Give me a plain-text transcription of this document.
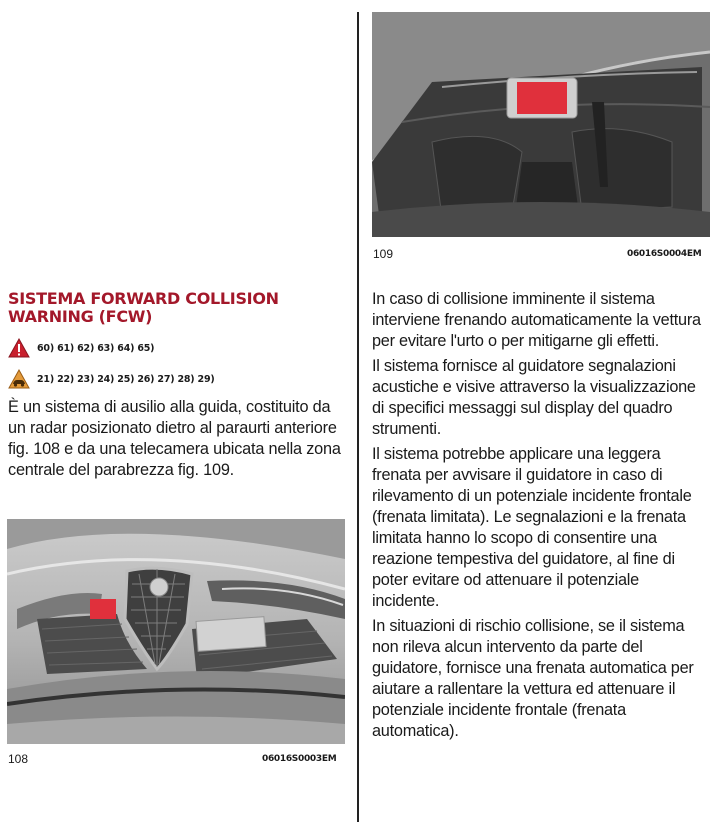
SISTEMA FORWARD COLLISION WARNING (FCW)
60) 61) 62) 63) 64) 65)
21) 22) 23) 24) 25) 26) 27) 28) 29)
È un sistema di ausilio alla guida, costituito da un radar posizionato dietro al paraurti anteriore fig. 108 e da una telecamera ubicata nella zona centrale del parabrezza fig. 109.
108	06016S0003EM
109	06016S0004EM

In caso di collisione imminente il sistema interviene frenando automaticamente la vettura per evitare l'urto o per mitigarne gli effetti.

Il sistema fornisce al guidatore segnalazioni acustiche e visive attraverso la visualizzazione di specifici messaggi sul display del quadro strumenti.

Il sistema potrebbe applicare una leggera frenata per avvisare il guidatore in caso di rilevamento di un potenziale incidente frontale (frenata limitata). Le segnalazioni e la frenata limitata hanno lo scopo di consentire una reazione tempestiva del guidatore, al fine di poter evitare od attenuare il potenziale incidente.

In situazioni di rischio collisione, se il sistema non rileva alcun intervento da parte del guidatore, fornisce una frenata automatica per aiutare a rallentare la vettura ed attenuare il potenziale incidente frontale (frenata automatica).
